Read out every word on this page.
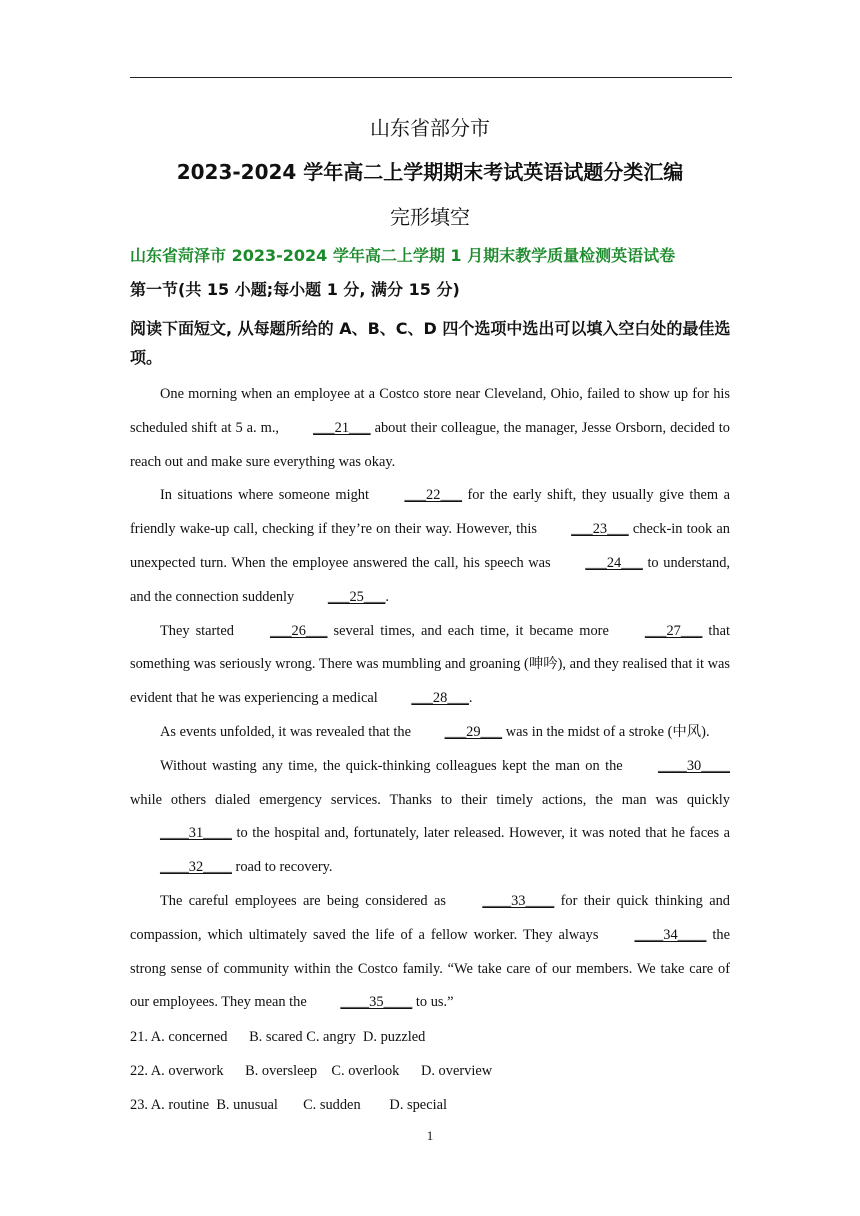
山东省部分市
2023-2024 学年高二上学期期末考试英语试题分类汇编
完形填空
山东省菏泽市 2023-2024 学年高二上学期 1 月期末教学质量检测英语试卷
第一节(共 15 小题;每小题 1 分, 满分 15 分)
阅读下面短文, 从每题所给的 A、B、C、D 四个选项中选出可以填入空白处的最佳选项。

One morning when an employee at a Costco store near Cleveland, Ohio, failed to show up for his scheduled shift at 5 a. m., ___21___ about their colleague, the manager, Jesse Orsborn, decided to reach out and make sure everything was okay.

In situations where someone might ___22___ for the early shift, they usually give them a friendly wake-up call, checking if they’re on their way. However, this ___23___ check-in took an unexpected turn. When the employee answered the call, his speech was ___24___ to understand, and the connection suddenly ___25___.

They started ___26___ several times, and each time, it became more ___27___ that something was seriously wrong. There was mumbling and groaning (呻吟), and they realised that it was evident that he was experiencing a medical ___28___.

As events unfolded, it was revealed that the ___29___ was in the midst of a stroke (中风).

Without wasting any time, the quick-thinking colleagues kept the man on the ____30____ while others dialed emergency services. Thanks to their timely actions, the man was quickly ____31____ to the hospital and, fortunately, later released. However, it was noted that he faces a ____32____ road to recovery.

The careful employees are being considered as ____33____ for their quick thinking and compassion, which ultimately saved the life of a fellow worker. They always ____34____ the strong sense of community within the Costco family. “We take care of our members. We take care of our employees. They mean the ____35____ to us.”

21. A. concerned      B. scared C. angry  D. puzzled
22. A. overwork      B. oversleep    C. overlook      D. overview
23. A. routine  B. unusual       C. sudden        D. special
1
